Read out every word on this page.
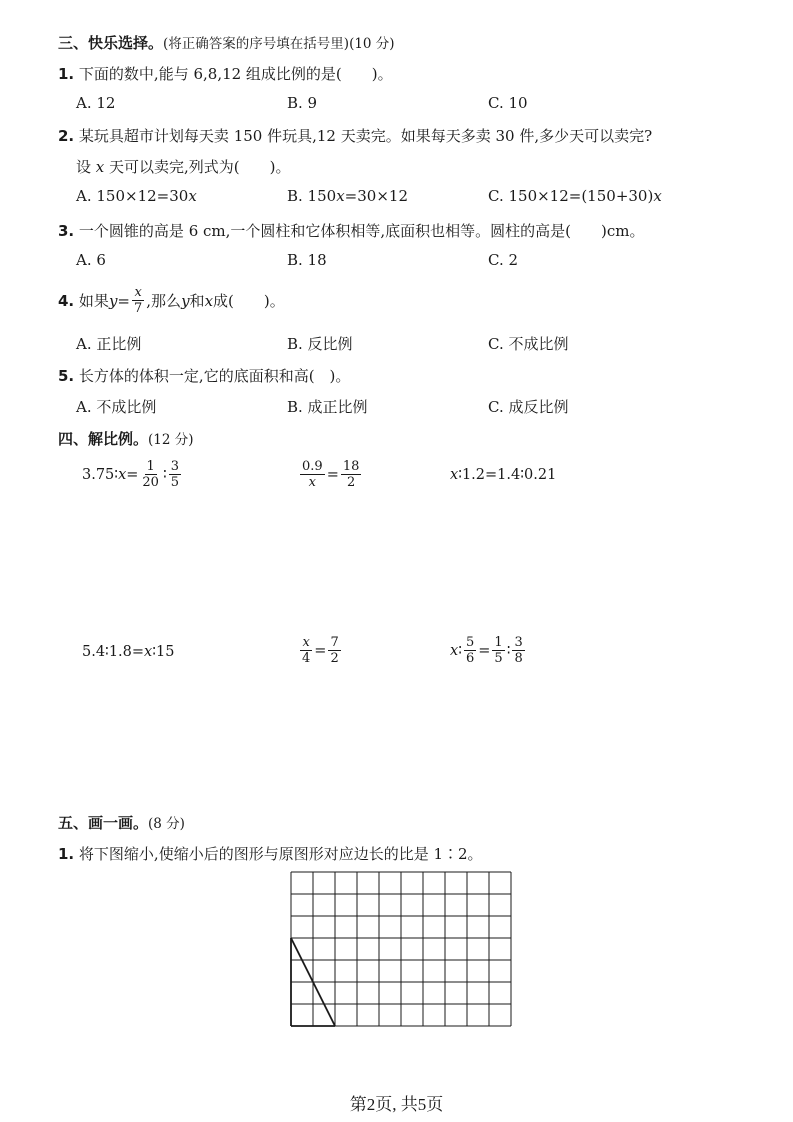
三、快乐选择。(将正确答案的序号填在括号里)(10 分)
1. 下面的数中,能与 6,8,12 组成比例的是(　　)。
A. 12	B. 9	C. 10
2. 某玩具超市计划每天卖 150 件玩具,12 天卖完。如果每天多卖 30 件,多少天可以卖完?
设 x 天可以卖完,列式为(　　)。
A. 150×12=30x	B. 150x=30×12	C. 150×12=(150+30)x
3. 一个圆锥的高是 6 cm,一个圆柱和它体积相等,底面积也相等。圆柱的高是(　　)cm。
A. 6	B. 18	C. 2
4.
如果 $y = \frac{x}{7}$ ,那么 y 和 x 成(　　)。
A. 正比例	B. 反比例	C. 不成比例
5. 长方体的体积一定,它的底面积和高(　)。
A. 不成比例	B. 成正比例	C. 成反比例
四、解比例。(12 分)
3.75∶ $x = \frac{1}{20}$ ∶ $\frac{3}{5}$	$\frac{0.9}{x} = \frac{18}{2}$	x ∶1.2=1.4∶0.21
5.4∶1.8= x ∶15	$\frac{x}{4} = \frac{7}{2}$	x ∶ $\frac{5}{6} = \frac{1}{5}$ ∶ $\frac{3}{8}$
五、画一画。(8 分)
1. 将下图缩小,使缩小后的图形与原图形对应边长的比是 1∶2。
第2页, 共5页
